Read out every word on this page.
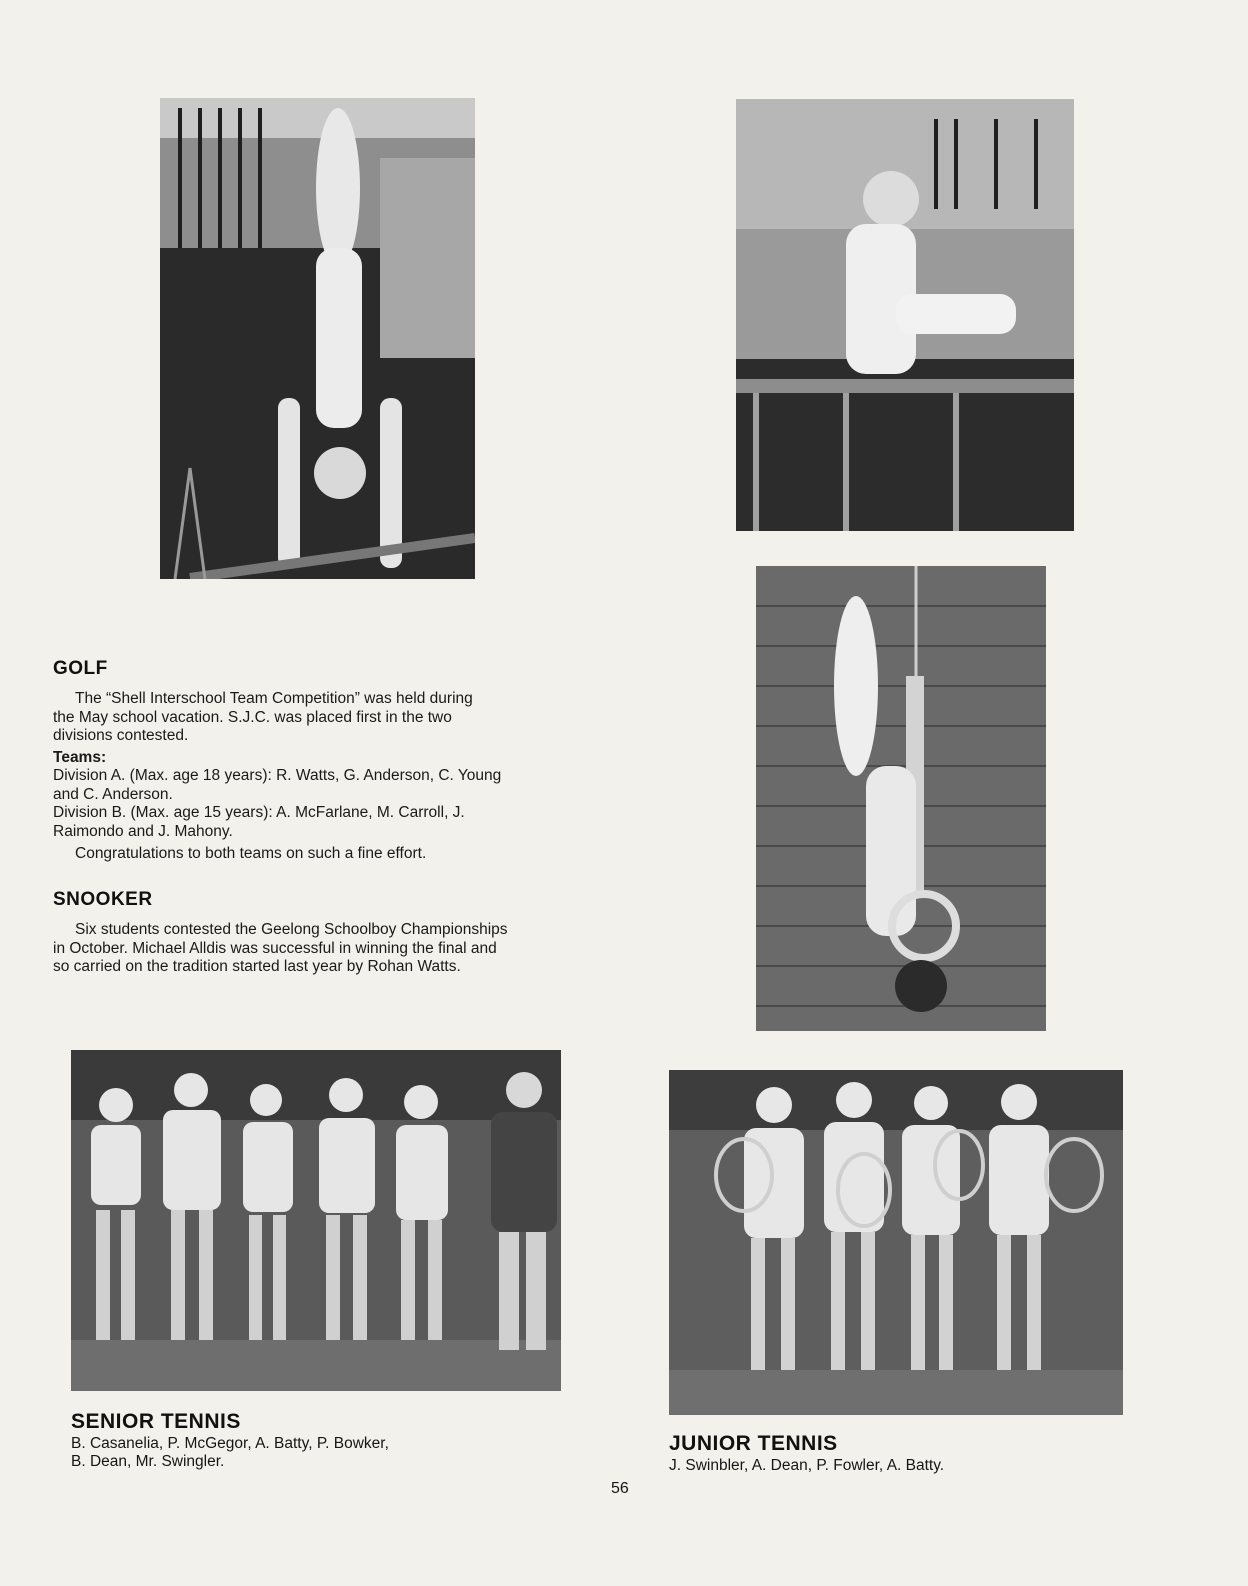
GOLF

The “Shell Interschool Team Competition” was held during

the May school vacation. S.J.C. was placed first in the two

divisions contested.

Teams:

Division A. (Max. age 18 years): R. Watts, G. Anderson, C. Young

and C. Anderson.

Division B. (Max. age 15 years): A. McFarlane, M. Carroll, J.

Raimondo and J. Mahony.

Congratulations to both teams on such a fine effort.

SNOOKER

Six students contested the Geelong Schoolboy Championships

in October. Michael Alldis was successful in winning the final and

so carried on the tradition started last year by Rohan Watts.

SENIOR TENNIS
B. Casanelia, P. McGegor, A. Batty, P. Bowker,
B. Dean, Mr. Swingler.
JUNIOR TENNIS
J. Swinbler, A. Dean, P. Fowler, A. Batty.
56
